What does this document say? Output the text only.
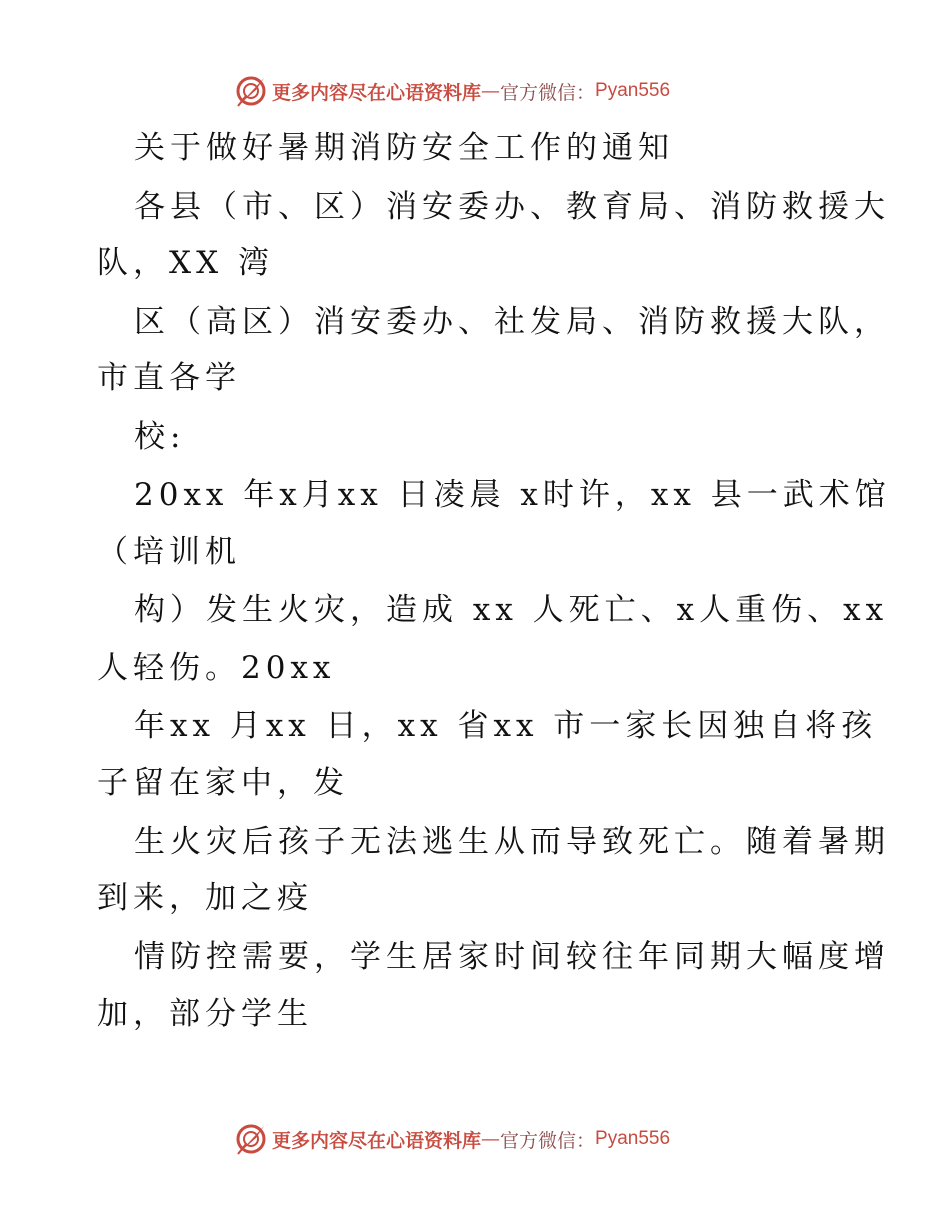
更多内容尽在心语资料库 — 官方微信： Pyan556
关于做好暑期消防安全工作的通知
各县（市、区）消安委办、教育局、消防救援大
队，XX 湾
区（高区）消安委办、社发局、消防救援大队，
市直各学
校:
20xx 年x月xx 日凌晨 x时许，xx 县一武术馆
（培训机
构）发生火灾，造成 xx 人死亡、x人重伤、xx
人轻伤。20xx
年xx 月xx 日，xx 省xx 市一家长因独自将孩
子留在家中，发
生火灾后孩子无法逃生从而导致死亡。随着暑期
到来，加之疫
情防控需要，学生居家时间较往年同期大幅度增
加，部分学生
更多内容尽在心语资料库 — 官方微信： Pyan556
